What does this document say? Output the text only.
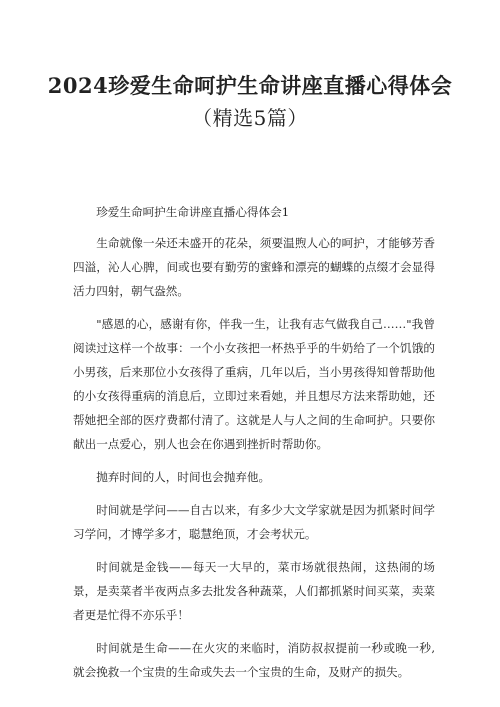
2024珍爱生命呵护生命讲座直播心得体会
（精选5篇）

珍爱生命呵护生命讲座直播心得体会1

生命就像一朵还未盛开的花朵，须要温煦人心的呵护，才能够芳香四溢，沁人心脾，间或也要有勤劳的蜜蜂和漂亮的蝴蝶的点缀才会显得活力四射，朝气盎然。

"感恩的心，感谢有你，伴我一生，让我有志气做我自己……"我曾阅读过这样一个故事：一个小女孩把一杯热乎乎的牛奶给了一个饥饿的小男孩，后来那位小女孩得了重病，几年以后，当小男孩得知曾帮助他的小女孩得重病的消息后，立即过来看她，并且想尽方法来帮助她，还帮她把全部的医疗费都付清了。这就是人与人之间的生命呵护。只要你献出一点爱心，别人也会在你遇到挫折时帮助你。

抛弃时间的人，时间也会抛弃他。

时间就是学问——自古以来，有多少大文学家就是因为抓紧时间学习学问，才博学多才，聪慧绝顶，才会考状元。

时间就是金钱——每天一大早的，菜市场就很热闹，这热闹的场景，是卖菜者半夜两点多去批发各种蔬菜，人们都抓紧时间买菜，卖菜者更是忙得不亦乐乎！

时间就是生命——在火灾的来临时，消防叔叔提前一秒或晚一秒,就会挽救一个宝贵的生命或失去一个宝贵的生命，及财产的损失。
